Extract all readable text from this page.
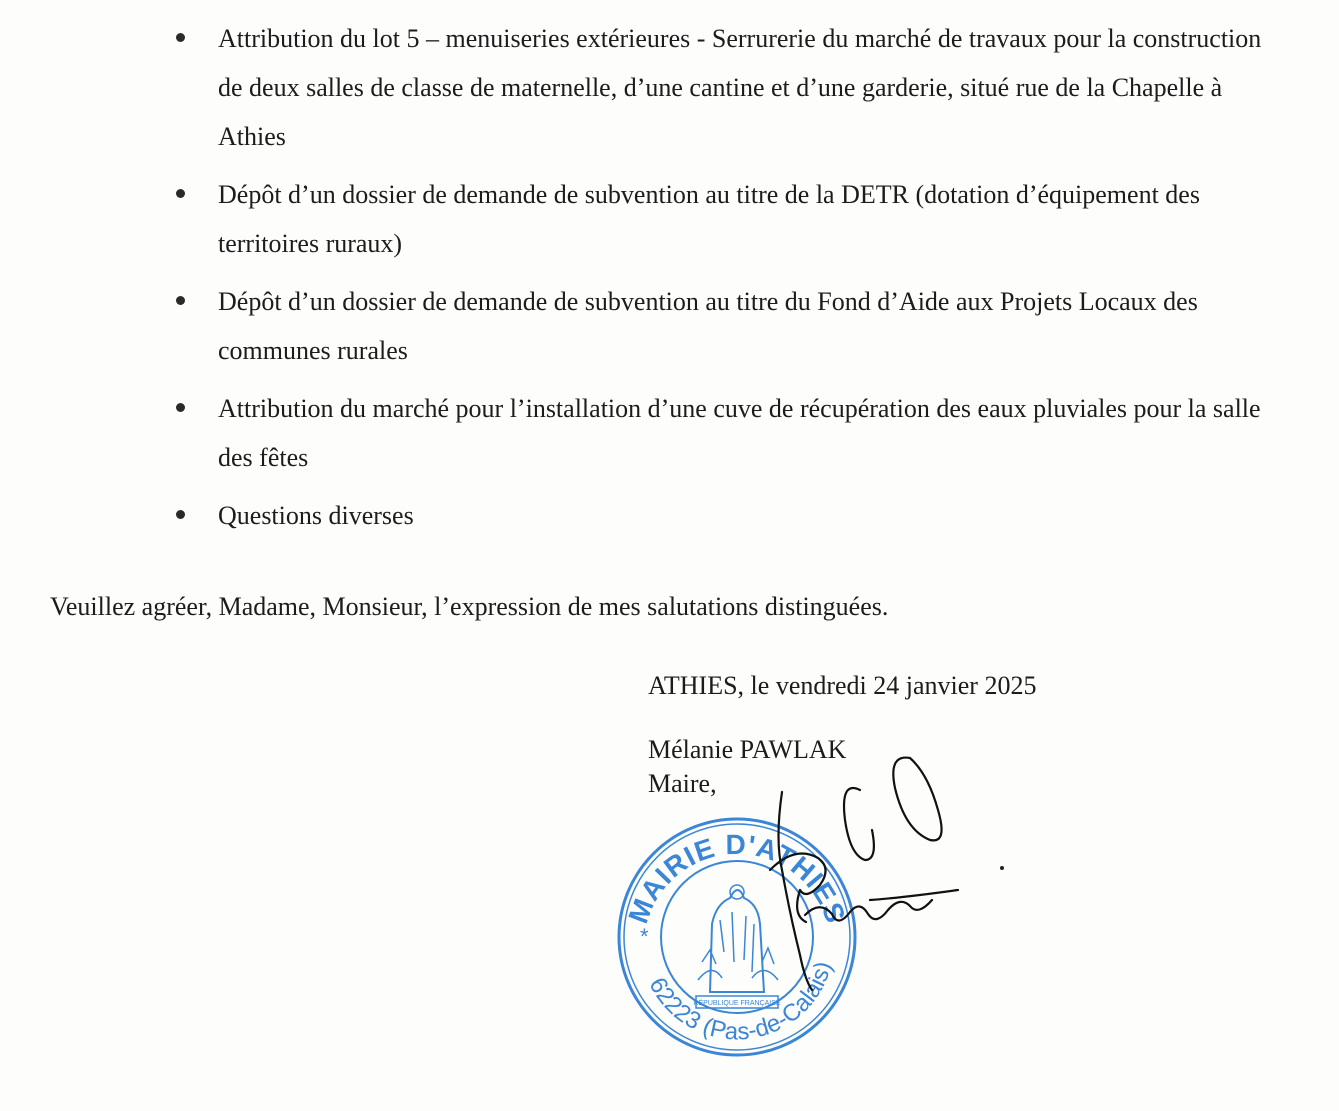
Attribution du lot 5 – menuiseries extérieures - Serrurerie du marché de travaux pour la construction de deux salles de classe de maternelle, d’une cantine et d’une garderie, situé rue de la Chapelle à Athies
Dépôt d’un dossier de demande de subvention au titre de la DETR (dotation d’équipement des territoires ruraux)
Dépôt d’un dossier de demande de subvention au titre du Fond d’Aide aux Projets Locaux des communes rurales
Attribution du marché pour l’installation d’une cuve de récupération des eaux pluviales pour la salle des fêtes
Questions diverses
Veuillez agréer, Madame, Monsieur, l’expression de mes salutations distinguées.
ATHIES, le vendredi 24 janvier 2025
Mélanie PAWLAK
Maire,
MAIRIE D'ATHIES
62223 (Pas-de-Calais)
*
RÉPUBLIQUE FRANÇAISE
